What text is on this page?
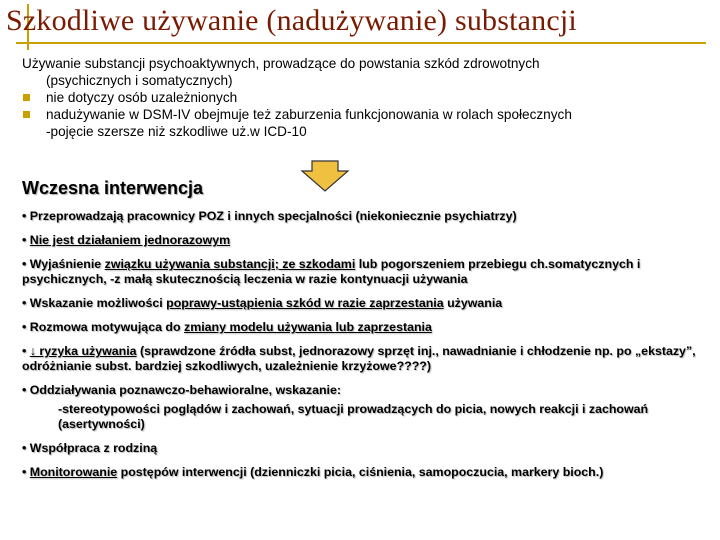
Szkodliwe używanie (nadużywanie) substancji
Używanie substancji psychoaktywnych, prowadzące do powstania szkód zdrowotnych
(psychicznych i somatycznych)
nie dotyczy osób uzależnionych
nadużywanie w DSM-IV obejmuje też zaburzenia funkcjonowania w rolach społecznych
-pojęcie szersze niż szkodliwe uż.w ICD-10
Wczesna interwencja

• Przeprowadzają pracownicy POZ i innych specjalności (niekoniecznie psychiatrzy)

• Nie jest działaniem jednorazowym

• Wyjaśnienie związku używania substancji; ze szkodami lub pogorszeniem przebiegu ch.somatycznych i psychicznych, -z małą skutecznością leczenia w razie kontynuacji używania

• Wskazanie możliwości poprawy-ustąpienia szkód w razie zaprzestania używania

• Rozmowa motywująca do zmiany modelu używania lub zaprzestania

• ↓ ryzyka używania (sprawdzone źródła subst, jednorazowy sprzęt inj., nawadnianie i chłodzenie np. po „ekstazy”, odróżnianie subst. bardziej szkodliwych, uzależnienie krzyżowe????)

• Oddziaływania poznawczo-behawioralne, wskazanie:

-stereotypowości poglądów i zachowań, sytuacji prowadzących do picia, nowych reakcji i zachowań (asertywności)

• Współpraca z rodziną

• Monitorowanie postępów interwencji (dzienniczki picia, ciśnienia, samopoczucia, markery bioch.)
